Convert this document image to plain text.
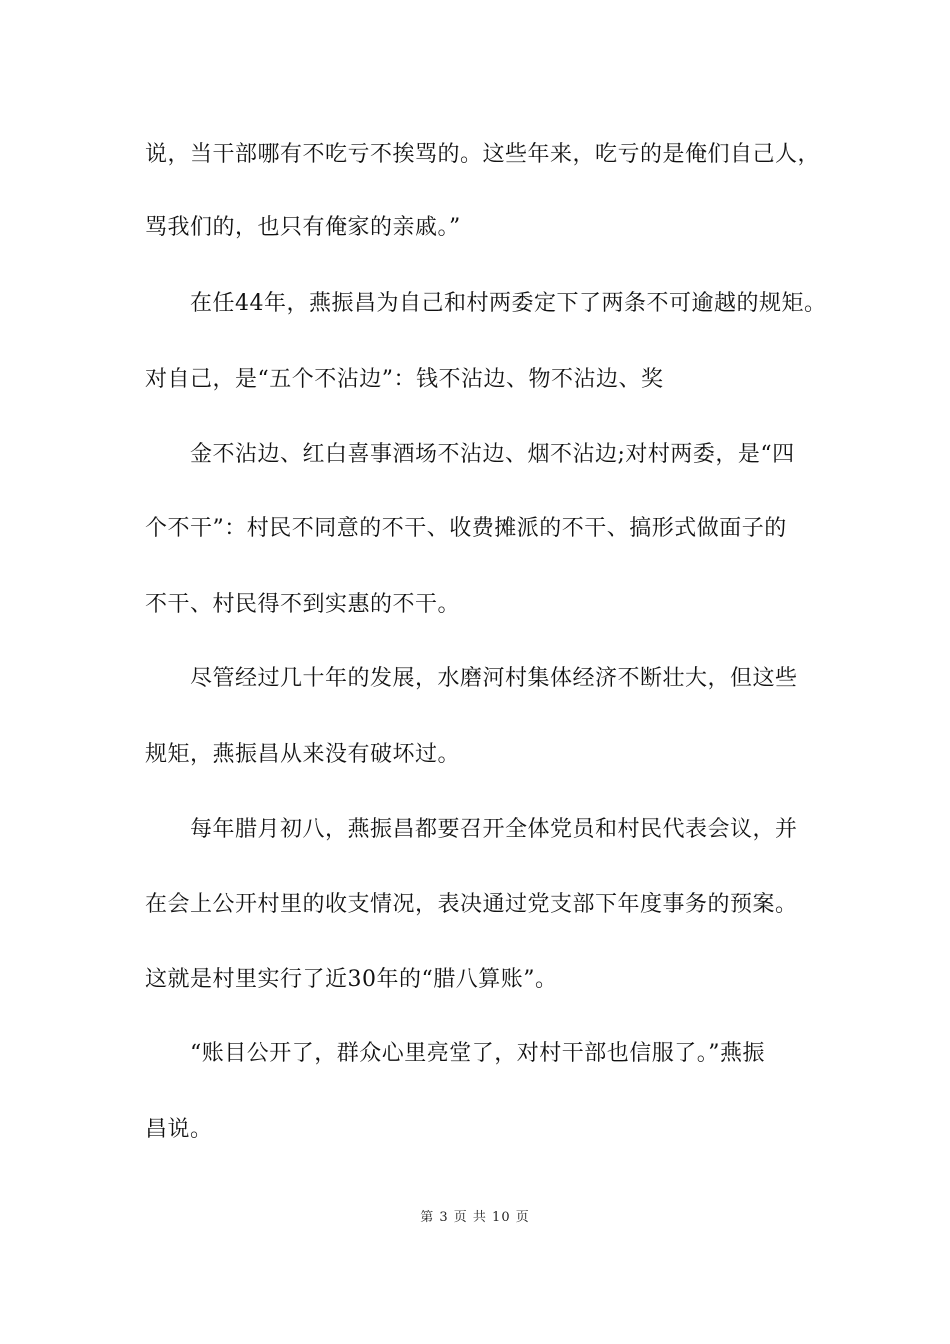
说，当干部哪有不吃亏不挨骂的。这些年来，吃亏的是俺们自己人，
骂我们的，也只有俺家的亲戚。”
在任44年，燕振昌为自己和村两委定下了两条不可逾越的规矩。
对自己，是“五个不沾边”：钱不沾边、物不沾边、奖
金不沾边、红白喜事酒场不沾边、烟不沾边;对村两委，是“四
个不干”：村民不同意的不干、收费摊派的不干、搞形式做面子的
不干、村民得不到实惠的不干。
尽管经过几十年的发展，水磨河村集体经济不断壮大，但这些
规矩，燕振昌从来没有破坏过。
每年腊月初八，燕振昌都要召开全体党员和村民代表会议，并
在会上公开村里的收支情况，表决通过党支部下年度事务的预案。
这就是村里实行了近30年的“腊八算账”。
“账目公开了，群众心里亮堂了，对村干部也信服了。”燕振
昌说。
第 3 页 共 10 页
